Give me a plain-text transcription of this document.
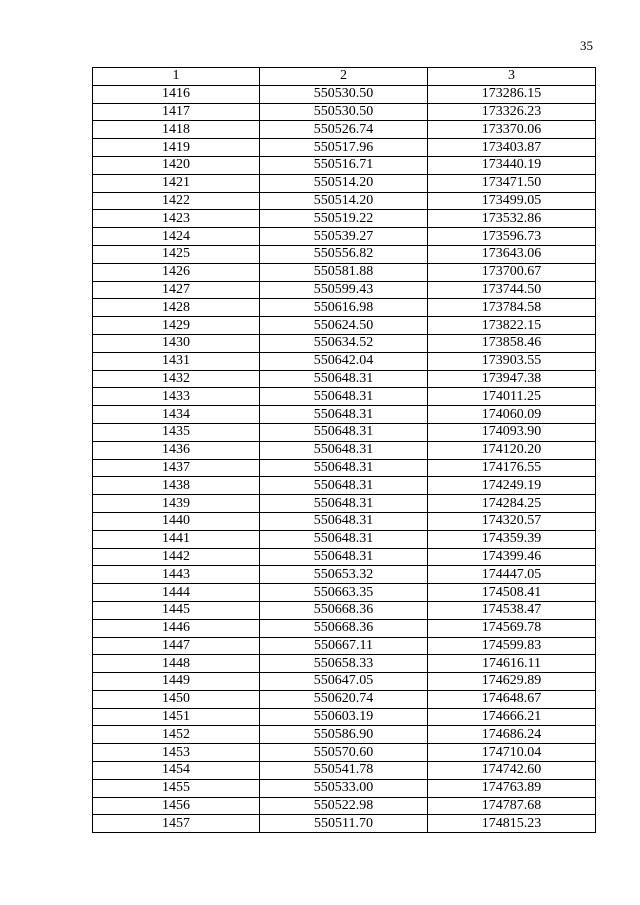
35
1	2	3
1416	550530.50	173286.15
1417	550530.50	173326.23
1418	550526.74	173370.06
1419	550517.96	173403.87
1420	550516.71	173440.19
1421	550514.20	173471.50
1422	550514.20	173499.05
1423	550519.22	173532.86
1424	550539.27	173596.73
1425	550556.82	173643.06
1426	550581.88	173700.67
1427	550599.43	173744.50
1428	550616.98	173784.58
1429	550624.50	173822.15
1430	550634.52	173858.46
1431	550642.04	173903.55
1432	550648.31	173947.38
1433	550648.31	174011.25
1434	550648.31	174060.09
1435	550648.31	174093.90
1436	550648.31	174120.20
1437	550648.31	174176.55
1438	550648.31	174249.19
1439	550648.31	174284.25
1440	550648.31	174320.57
1441	550648.31	174359.39
1442	550648.31	174399.46
1443	550653.32	174447.05
1444	550663.35	174508.41
1445	550668.36	174538.47
1446	550668.36	174569.78
1447	550667.11	174599.83
1448	550658.33	174616.11
1449	550647.05	174629.89
1450	550620.74	174648.67
1451	550603.19	174666.21
1452	550586.90	174686.24
1453	550570.60	174710.04
1454	550541.78	174742.60
1455	550533.00	174763.89
1456	550522.98	174787.68
1457	550511.70	174815.23
